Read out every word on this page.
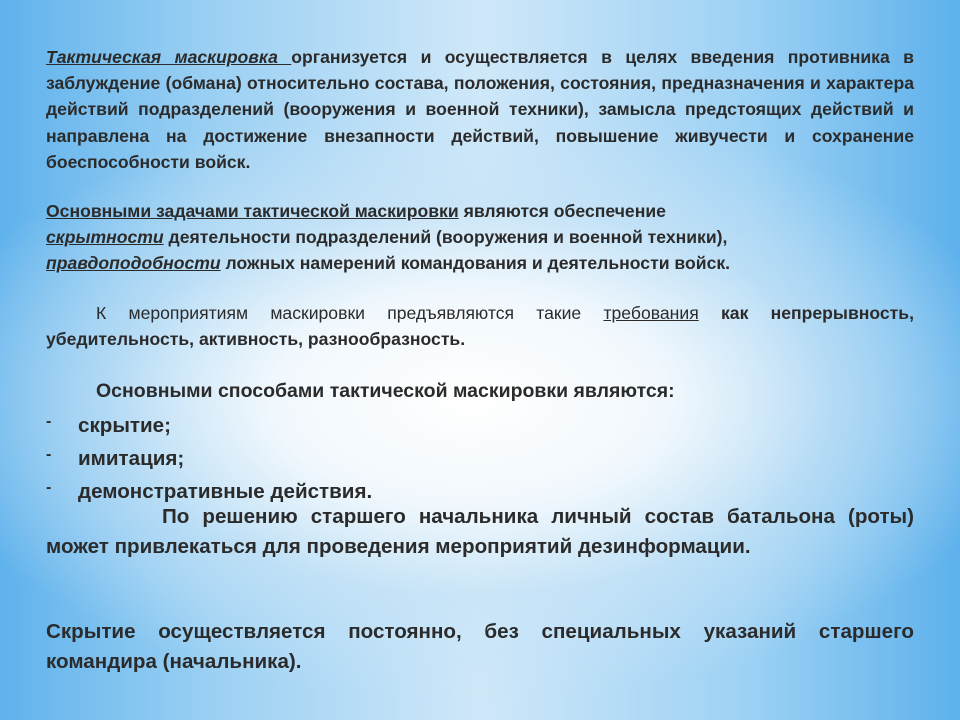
Тактическая маскировка организуется и осуществляется в целях введения противника в заблуждение (обмана) относительно состава, положения, состояния, предназначения и характера действий подразделений (вооружения и военной техники), замысла предстоящих действий и направлена на достижение внезапности действий, повышение живучести и сохранение боеспособности войск.

Основными задачами тактической маскировки являются обеспечение
скрытности деятельности подразделений (вооружения и военной техники),
правдоподобности ложных намерений командования и деятельности войск.

К мероприятиям маскировки предъявляются такие требования как непрерывность, убедительность, активность, разнообразность.

Основными способами тактической маскировки являются:

- скрытие;
- имитация;
- демонстративные действия.

По решению старшего начальника личный состав батальона (роты) может привлекаться для проведения мероприятий дезинформации.

Скрытие осуществляется постоянно, без специальных указаний старшего командира (начальника).
